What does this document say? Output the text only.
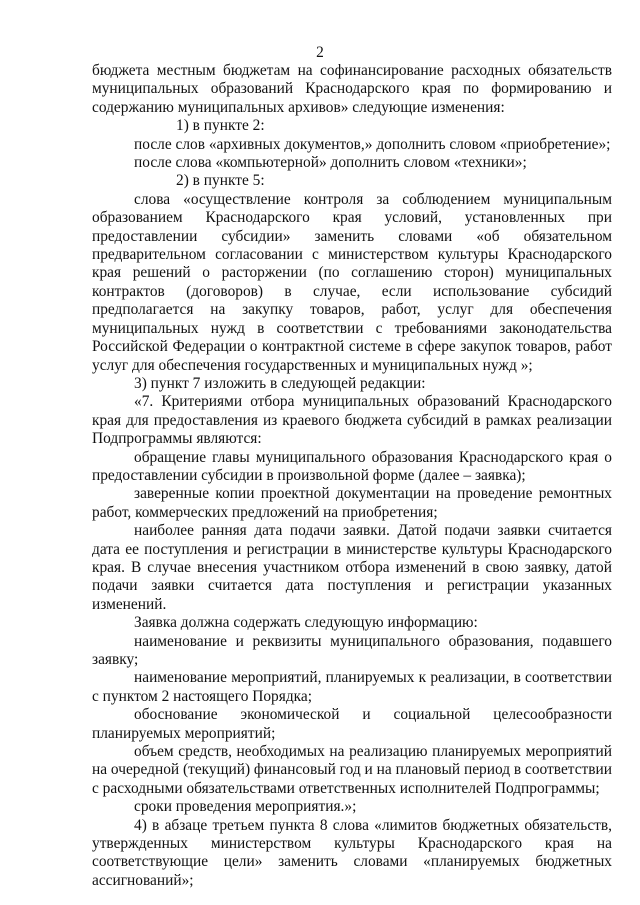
2

бюджета местным бюджетам на софинансирование расходных обязательств муниципальных образований Краснодарского края по формированию и содержанию муниципальных архивов» следующие изменения:

1) в пункте 2:

после слов «архивных документов,» дополнить словом «приобретение»;

после слова «компьютерной» дополнить словом «техники»;

2) в пункте 5:

слова «осуществление контроля за соблюдением муниципальным образованием Краснодарского края условий, установленных при предоставлении субсидии» заменить словами «об обязательном предварительном согласовании с министерством культуры Краснодарского края решений о расторжении (по соглашению сторон) муниципальных контрактов (договоров) в случае, если использование субсидий предполагается на закупку товаров, работ, услуг для обеспечения муниципальных нужд в соответствии с требованиями законодательства Российской Федерации о контрактной системе в сфере закупок товаров, работ услуг для обеспечения государственных и муниципальных нужд »;

3) пункт 7 изложить в следующей редакции:

«7. Критериями отбора муниципальных образований Краснодарского края для предоставления из краевого бюджета субсидий в рамках реализации Подпрограммы являются:

обращение главы муниципального образования Краснодарского края о предоставлении субсидии в произвольной форме (далее – заявка);

заверенные копии проектной документации на проведение ремонтных работ, коммерческих предложений на приобретения;

наиболее ранняя дата подачи заявки. Датой подачи заявки считается дата ее поступления и регистрации в министерстве культуры Краснодарского края. В случае внесения участником отбора изменений в свою заявку, датой подачи заявки считается дата поступления и регистрации указанных изменений.

Заявка должна содержать следующую информацию:

наименование и реквизиты муниципального образования, подавшего заявку;

наименование мероприятий, планируемых к реализации, в соответствии с пунктом 2 настоящего Порядка;

обоснование экономической и социальной целесообразности планируемых мероприятий;

объем средств, необходимых на реализацию планируемых мероприятий на очередной (текущий) финансовый год и на плановый период в соответствии с расходными обязательствами ответственных исполнителей Подпрограммы;

сроки проведения мероприятия.»;

4) в абзаце третьем пункта 8 слова «лимитов бюджетных обязательств, утвержденных министерством культуры Краснодарского края на соответствующие цели» заменить словами «планируемых бюджетных ассигнований»;
